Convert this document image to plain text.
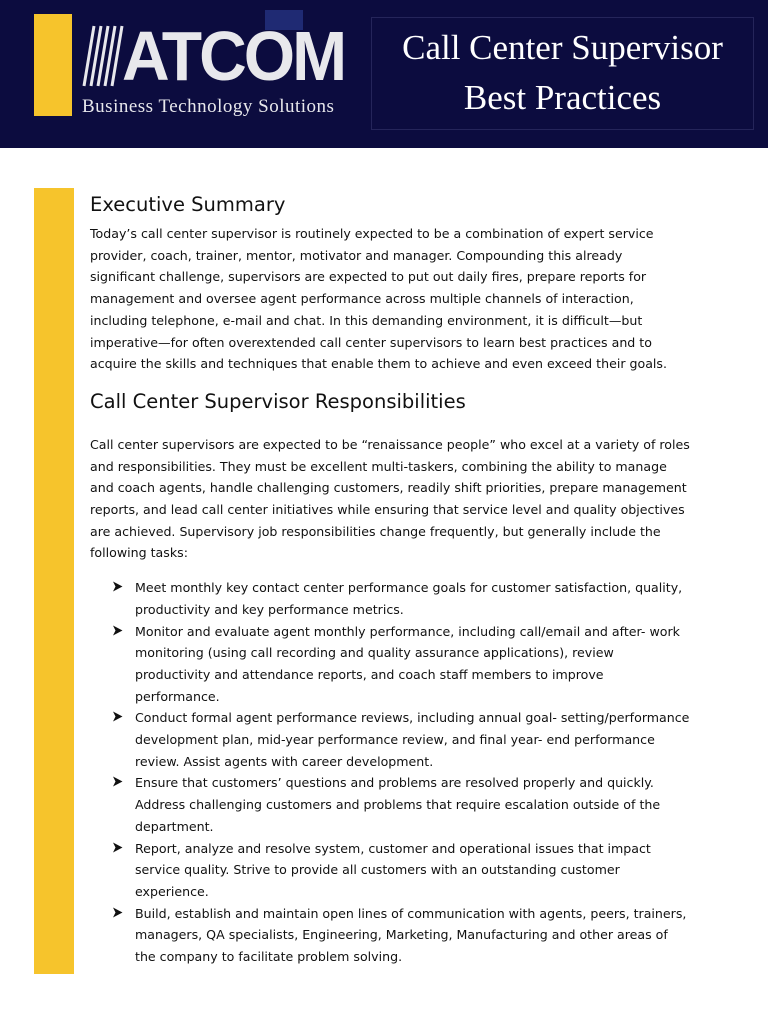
ATCOM
Business Technology Solutions
Call Center Supervisor
Best Practices
Executive Summary

Today’s call center supervisor is routinely expected to be a combination of expert service provider, coach, trainer, mentor, motivator and manager. Compounding this already significant challenge, supervisors are expected to put out daily fires, prepare reports for management and oversee agent performance across multiple channels of interaction, including telephone, e-mail and chat. In this demanding environment, it is difficult—but imperative—for often overextended call center supervisors to learn best practices and to acquire the skills and techniques that enable them to achieve and even exceed their goals.

Call Center Supervisor Responsibilities

Call center supervisors are expected to be “renaissance people” who excel at a variety of roles and responsibilities. They must be excellent multi-taskers, combining the ability to manage and coach agents, handle challenging customers, readily shift priorities, prepare management reports, and lead call center initiatives while ensuring that service level and quality objectives are achieved. Supervisory job responsibilities change frequently, but generally include the following tasks:

Meet monthly key contact center performance goals for customer satisfaction, quality, productivity and key performance metrics.
Monitor and evaluate agent monthly performance, including call/email and after- work monitoring (using call recording and quality assurance applications), review productivity and attendance reports, and coach staff members to improve performance.
Conduct formal agent performance reviews, including annual goal- setting/performance development plan, mid-year performance review, and final year- end performance review. Assist agents with career development.
Ensure that customers’ questions and problems are resolved properly and quickly. Address challenging customers and problems that require escalation outside of the department.
Report, analyze and resolve system, customer and operational issues that impact service quality. Strive to provide all customers with an outstanding customer experience.
Build, establish and maintain open lines of communication with agents, peers, trainers, managers, QA specialists, Engineering, Marketing, Manufacturing and other areas of the company to facilitate problem solving.
